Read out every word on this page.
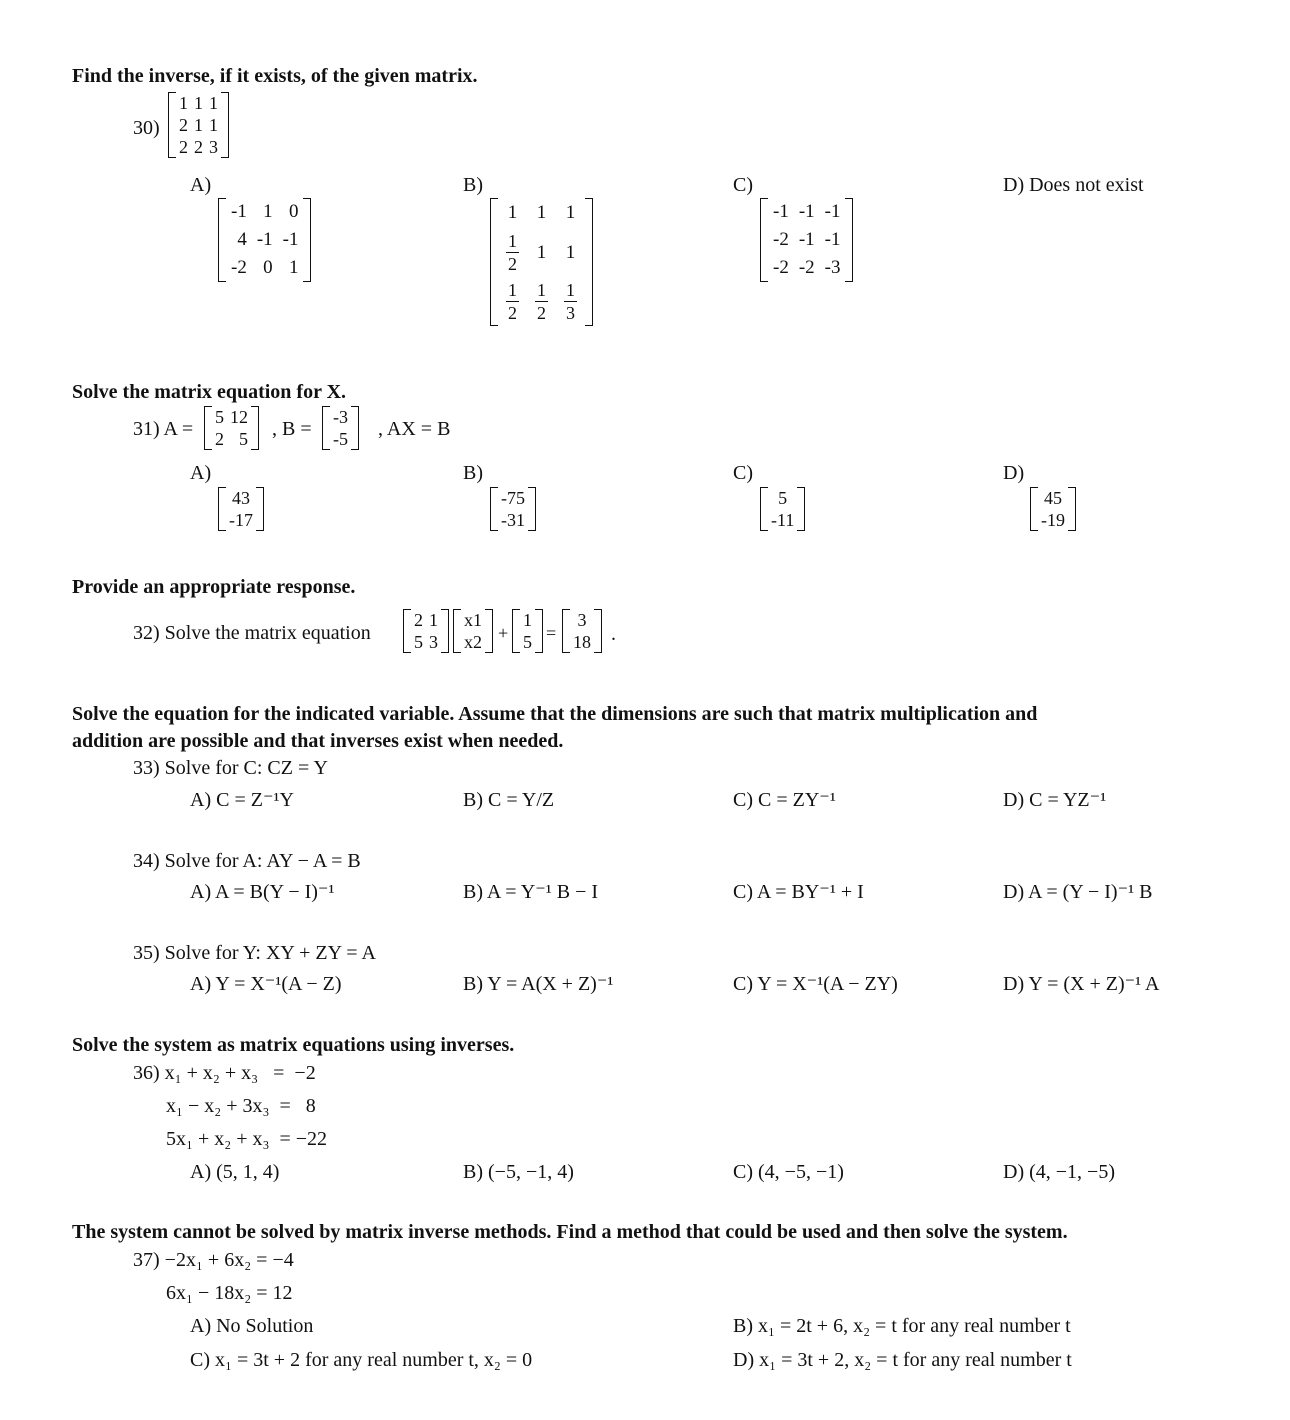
Find the inverse, if it exists, of the given matrix.
30)
1	1	1
2	1	1
2	2	3
A)
-1	1	0
4	-1	-1
-2	0	1
B)
1	1	1

$\frac{1}{2}$	1	1

$\frac{1}{2}$	$\frac{1}{2}$	$\frac{1}{3}$
C)
-1	-1	-1
-2	-1	-1
-2	-2	-3
D) Does not exist
Solve the matrix equation for X.
31) A =
5	12
2	5 , B =
-3
-5 , AX = B
A)
43
-17
B)
-75
-31
C)
5
-11
D)
45
-19
Provide an appropriate response.
32) Solve the matrix equation
2	1
5	3
x1
x2 +
1
5 =
3
18 .
Solve the equation for the indicated variable. Assume that the dimensions are such that matrix multiplication and
addition are possible and that inverses exist when needed.
33) Solve for C: CZ = Y
A) C = Z⁻¹Y	B) C = Y/Z	C) C = ZY⁻¹	D) C = YZ⁻¹
34) Solve for A: AY − A = B
A) A = B(Y − I)⁻¹	B) A = Y⁻¹ B − I	C) A = BY⁻¹ + I	D) A = (Y − I)⁻¹ B
35) Solve for Y: XY + ZY = A
A) Y = X⁻¹(A − Z)	B) Y = A(X + Z)⁻¹	C) Y = X⁻¹(A − ZY)	D) Y = (X + Z)⁻¹ A
Solve the system as matrix equations using inverses.
36) x₁ + x₂ + x₃   =  −2
x₁ − x₂ + 3x₃  =   8
5x₁ + x₂ + x₃  = −22
A) (5, 1, 4)	B) (−5, −1, 4)	C) (4, −5, −1)	D) (4, −1, −5)
The system cannot be solved by matrix inverse methods. Find a method that could be used and then solve the system.
37) −2x₁ + 6x₂ = −4
6x₁ − 18x₂ = 12
A) No Solution	B) x₁ = 2t + 6, x₂ = t for any real number t
C) x₁ = 3t + 2 for any real number t, x₂ = 0	D) x₁ = 3t + 2, x₂ = t for any real number t
